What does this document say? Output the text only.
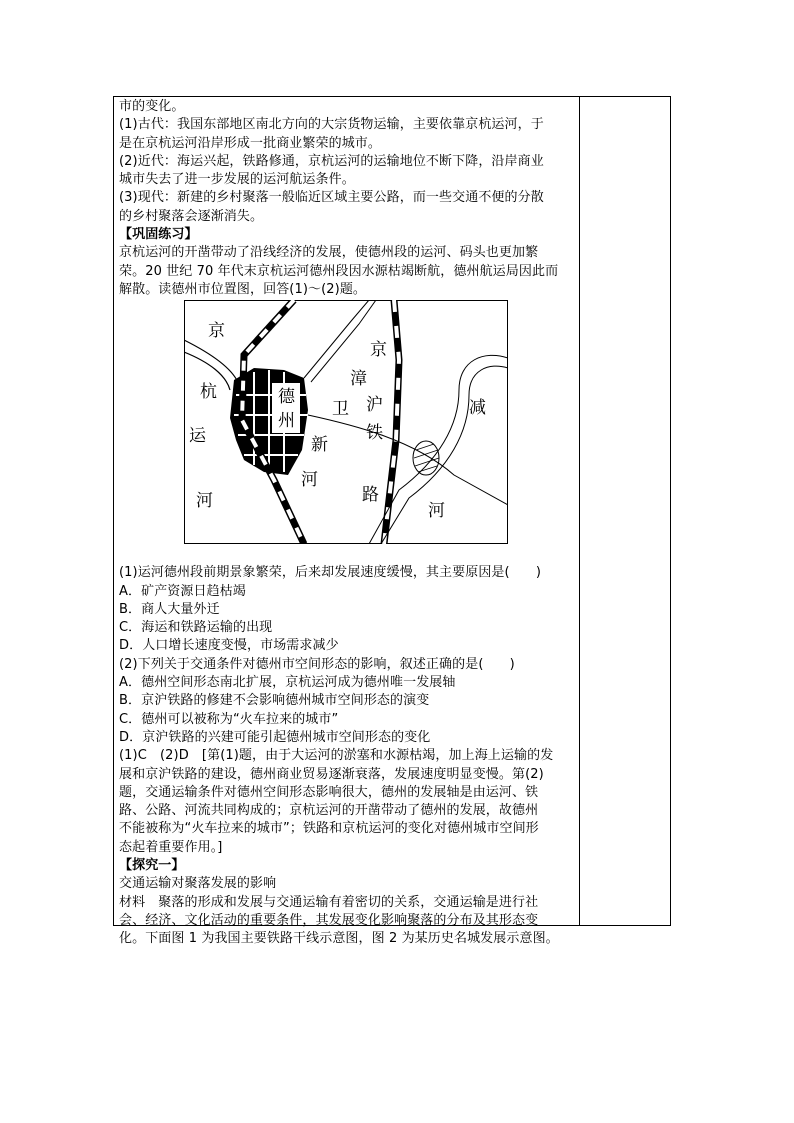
市的变化。

(1)古代：我国东部地区南北方向的大宗货物运输，主要依靠京杭运河，于

是在京杭运河沿岸形成一批商业繁荣的城市。

(2)近代：海运兴起，铁路修通，京杭运河的运输地位不断下降，沿岸商业

城市失去了进一步发展的运河航运条件。

(3)现代：新建的乡村聚落一般临近区域主要公路，而一些交通不便的分散

的乡村聚落会逐渐消失。

【巩固练习】

京杭运河的开凿带动了沿线经济的发展，使德州段的运河、码头也更加繁

荣。20 世纪 70 年代末京杭运河德州段因水源枯竭断航，德州航运局因此而

解散。读德州市位置图，回答(1)～(2)题。

(1)运河德州段前期景象繁荣，后来却发展速度缓慢，其主要原因是(　　)

A．矿产资源日趋枯竭

B．商人大量外迁

C．海运和铁路运输的出现

D．人口增长速度变慢，市场需求减少

(2)下列关于交通条件对德州市空间形态的影响，叙述正确的是(　　)

A．德州空间形态南北扩展，京杭运河成为德州唯一发展轴

B．京沪铁路的修建不会影响德州城市空间形态的演变

C．德州可以被称为“火车拉来的城市”

D．京沪铁路的兴建可能引起德州城市空间形态的变化

(1)C　(2)D　[第(1)题，由于大运河的淤塞和水源枯竭，加上海上运输的发

展和京沪铁路的建设，德州商业贸易逐渐衰落，发展速度明显变慢。第(2)

题，交通运输条件对德州空间形态影响很大，德州的发展轴是由运河、铁

路、公路、河流共同构成的；京杭运河的开凿带动了德州的发展，故德州

不能被称为“火车拉来的城市”；铁路和京杭运河的变化对德州城市空间形

态起着重要作用。]

【探究一】

交通运输对聚落发展的影响

材料　聚落的形成和发展与交通运输有着密切的关系，交通运输是进行社

会、经济、文化活动的重要条件，其发展变化影响聚落的分布及其形态变

化。下面图 1 为我国主要铁路干线示意图，图 2 为某历史名城发展示意图。

京
杭
运
河
德
州
卫
新
河
漳
京
沪
铁
路
减
河
